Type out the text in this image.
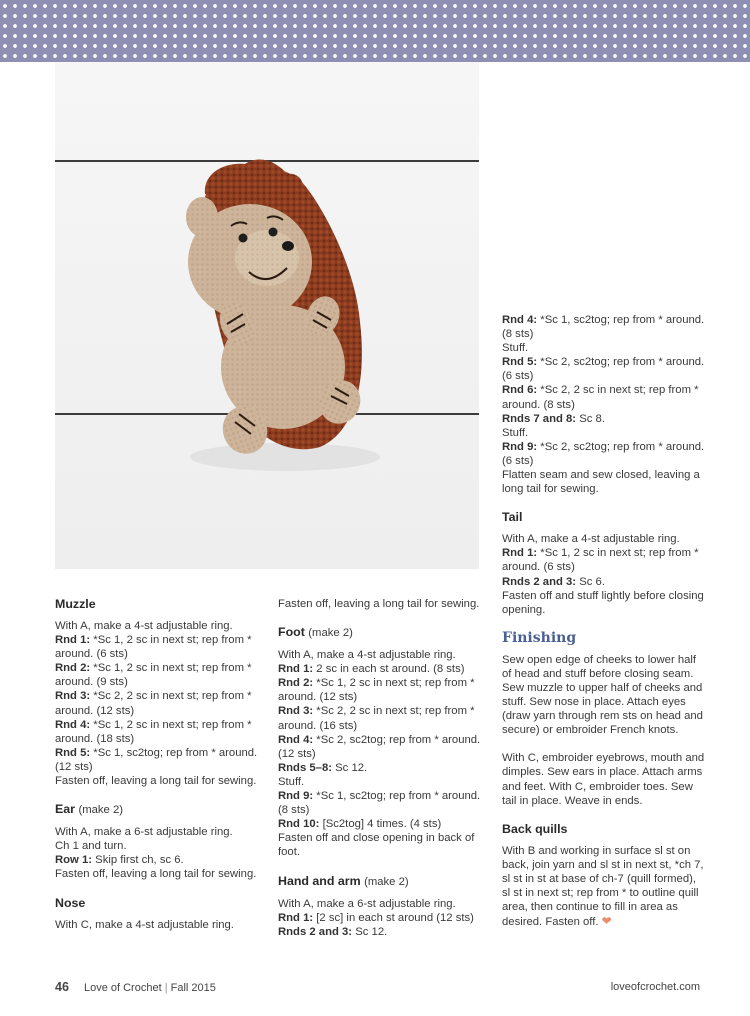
Muzzle

With A, make a 4-st adjustable ring.

Rnd 1: *Sc 1, 2 sc in next st; rep from * around. (6 sts)

Rnd 2: *Sc 1, 2 sc in next st; rep from * around. (9 sts)

Rnd 3: *Sc 2, 2 sc in next st; rep from * around. (12 sts)

Rnd 4: *Sc 1, 2 sc in next st; rep from * around. (18 sts)

Rnd 5: *Sc 1, sc2tog; rep from * around. (12 sts)

Fasten off, leaving a long tail for sewing.

Ear (make 2)

With A, make a 6-st adjustable ring.

Ch 1 and turn.

Row 1: Skip first ch, sc 6.

Fasten off, leaving a long tail for sewing.

Nose

With C, make a 4-st adjustable ring.

Fasten off, leaving a long tail for sewing.

Foot (make 2)

With A, make a 4-st adjustable ring.

Rnd 1: 2 sc in each st around. (8 sts)

Rnd 2: *Sc 1, 2 sc in next st; rep from * around. (12 sts)

Rnd 3: *Sc 2, 2 sc in next st; rep from * around. (16 sts)

Rnd 4: *Sc 2, sc2tog; rep from * around. (12 sts)

Rnds 5–8: Sc 12.

Stuff.

Rnd 9: *Sc 1, sc2tog; rep from * around. (8 sts)

Rnd 10: [Sc2tog] 4 times. (4 sts)

Fasten off and close opening in back of foot.

Hand and arm (make 2)

With A, make a 6-st adjustable ring.

Rnd 1: [2 sc] in each st around (12 sts)

Rnds 2 and 3: Sc 12.

Rnd 4: *Sc 1, sc2tog; rep from * around. (8 sts)

Stuff.

Rnd 5: *Sc 2, sc2tog; rep from * around. (6 sts)

Rnd 6: *Sc 2, 2 sc in next st; rep from * around. (8 sts)

Rnds 7 and 8: Sc 8.

Stuff.

Rnd 9: *Sc 2, sc2tog; rep from * around. (6 sts)

Flatten seam and sew closed, leaving a long tail for sewing.

Tail

With A, make a 4-st adjustable ring.

Rnd 1: *Sc 1, 2 sc in next st; rep from * around. (6 sts)

Rnds 2 and 3: Sc 6.

Fasten off and stuff lightly before closing opening.

Finishing

Sew open edge of cheeks to lower half of head and stuff before closing seam. Sew muzzle to upper half of cheeks and stuff. Sew nose in place. Attach eyes (draw yarn through rem sts on head and secure) or embroider French knots.

With C, embroider eyebrows, mouth and dimples. Sew ears in place. Attach arms and feet. With C, embroider toes. Sew tail in place. Weave in ends.

Back quills

With B and working in surface sl st on back, join yarn and sl st in next st, *ch 7, sl st in st at base of ch-7 (quill formed), sl st in next st; rep from * to outline quill area, then continue to fill in area as desired. Fasten off. ❤

46 Love of Crochet | Fall 2015	loveofcrochet.com
